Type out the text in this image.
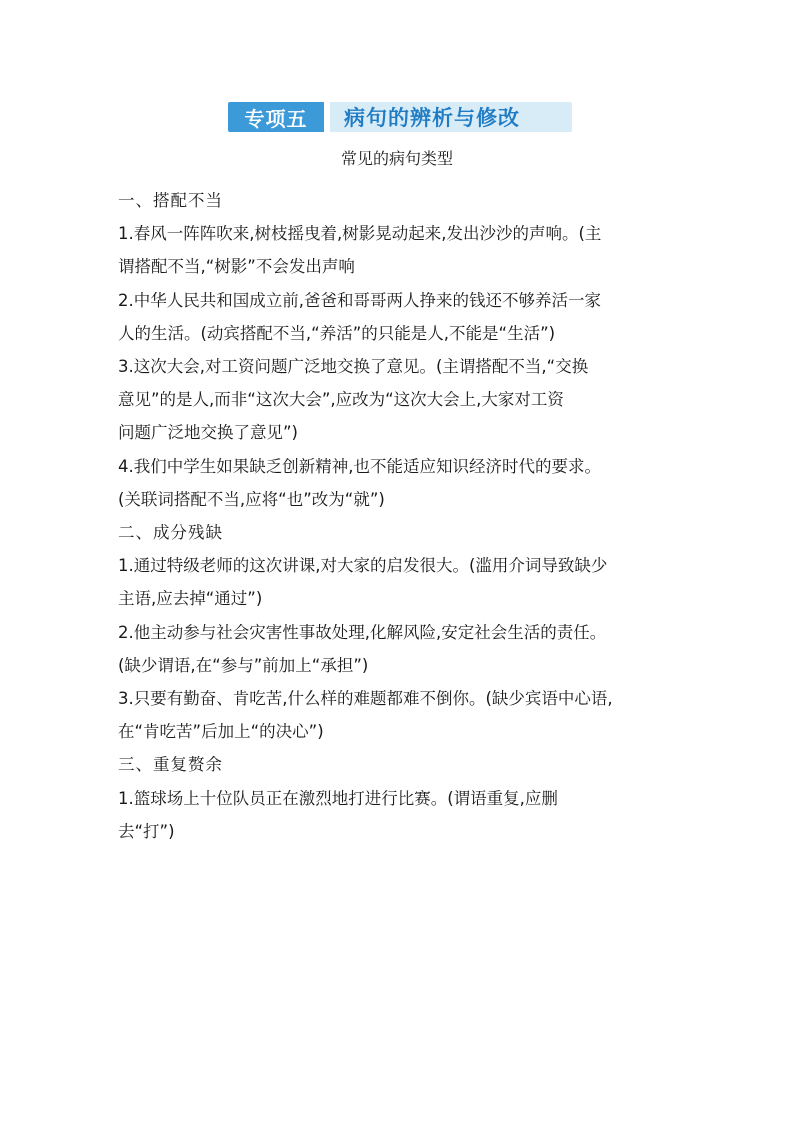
专项五	病句的辨析与修改
常见的病句类型

一、搭配不当

1.春风一阵阵吹来,树枝摇曳着,树影晃动起来,发出沙沙的声响。(主

谓搭配不当,“树影”不会发出声响

2.中华人民共和国成立前,爸爸和哥哥两人挣来的钱还不够养活一家

人的生活。(动宾搭配不当,“养活”的只能是人,不能是“生活”)

3.这次大会,对工资问题广泛地交换了意见。(主谓搭配不当,“交换

意见”的是人,而非“这次大会”,应改为“这次大会上,大家对工资

问题广泛地交换了意见”)

4.我们中学生如果缺乏创新精神,也不能适应知识经济时代的要求。

(关联词搭配不当,应将“也”改为“就”)

二、成分残缺

1.通过特级老师的这次讲课,对大家的启发很大。(滥用介词导致缺少

主语,应去掉“通过”)

2.他主动参与社会灾害性事故处理,化解风险,安定社会生活的责任。

(缺少谓语,在“参与”前加上“承担”)

3.只要有勤奋、肯吃苦,什么样的难题都难不倒你。(缺少宾语中心语,

在“肯吃苦”后加上“的决心”)

三、重复赘余

1.篮球场上十位队员正在激烈地打进行比赛。(谓语重复,应删

去“打”)
